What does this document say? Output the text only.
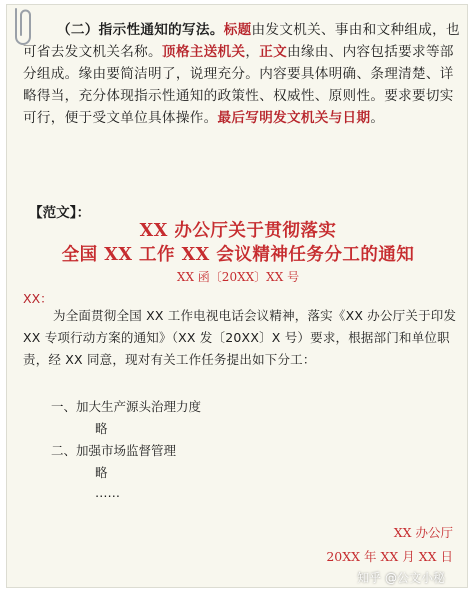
（二）指示性通知的写法。标题由发文机关、事由和文种组成，也可省去发文机关名称。顶格主送机关，正文由缘由、内容包括要求等部分组成。缘由要简洁明了，说理充分。内容要具体明确、条理清楚、详略得当，充分体现指示性通知的政策性、权威性、原则性。要求要切实可行，便于受文单位具体操作。最后写明发文机关与日期。
【范文】：
XX 办公厅关于贯彻落实
全国 XX 工作 XX 会议精神任务分工的通知
XX 函〔20XX〕XX 号
XX：
为全面贯彻全国 XX 工作电视电话会议精神，落实《XX 办公厅关于印发 XX 专项行动方案的通知》（XX 发〔20XX〕X 号）要求，根据部门和单位职责，经 XX 同意，现对有关工作任务提出如下分工：
一、加大生产源头治理力度
略
二、加强市场监督管理
略
……
XX 办公厅
20XX 年 XX 月 XX 日
知乎 @公文小秘
